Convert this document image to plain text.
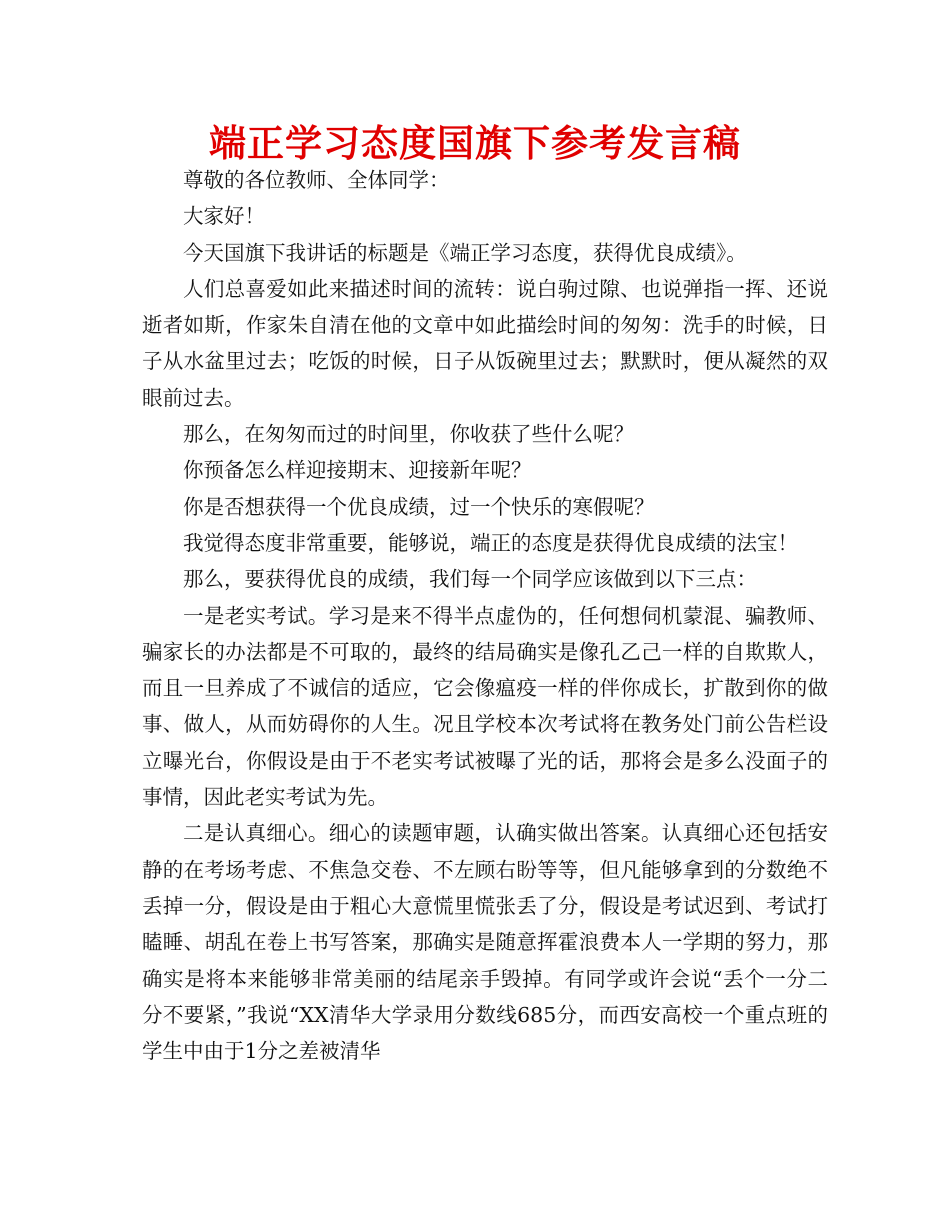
端正学习态度国旗下参考发言稿

尊敬的各位教师、全体同学：

大家好！

今天国旗下我讲话的标题是《端正学习态度，获得优良成绩》。

人们总喜爱如此来描述时间的流转：说白驹过隙、也说弹指一挥、还说逝者如斯，作家朱自清在他的文章中如此描绘时间的匆匆：洗手的时候，日子从水盆里过去；吃饭的时候，日子从饭碗里过去；默默时，便从凝然的双眼前过去。

那么，在匆匆而过的时间里，你收获了些什么呢？

你预备怎么样迎接期末、迎接新年呢？

你是否想获得一个优良成绩，过一个快乐的寒假呢？

我觉得态度非常重要，能够说，端正的态度是获得优良成绩的法宝！

那么，要获得优良的成绩，我们每一个同学应该做到以下三点：

一是老实考试。学习是来不得半点虚伪的，任何想伺机蒙混、骗教师、骗家长的办法都是不可取的，最终的结局确实是像孔乙己一样的自欺欺人，而且一旦养成了不诚信的适应，它会像瘟疫一样的伴你成长，扩散到你的做事、做人，从而妨碍你的人生。况且学校本次考试将在教务处门前公告栏设立曝光台，你假设是由于不老实考试被曝了光的话，那将会是多么没面子的事情，因此老实考试为先。

二是认真细心。细心的读题审题，认确实做出答案。认真细心还包括安静的在考场考虑、不焦急交卷、不左顾右盼等等，但凡能够拿到的分数绝不丢掉一分，假设是由于粗心大意慌里慌张丢了分，假设是考试迟到、考试打瞌睡、胡乱在卷上书写答案，那确实是随意挥霍浪费本人一学期的努力，那确实是将本来能够非常美丽的结尾亲手毁掉。有同学或许会说“丢个一分二分不要紧，”我说“XX清华大学录用分数线685分，而西安高校一个重点班的学生中由于1分之差被清华
